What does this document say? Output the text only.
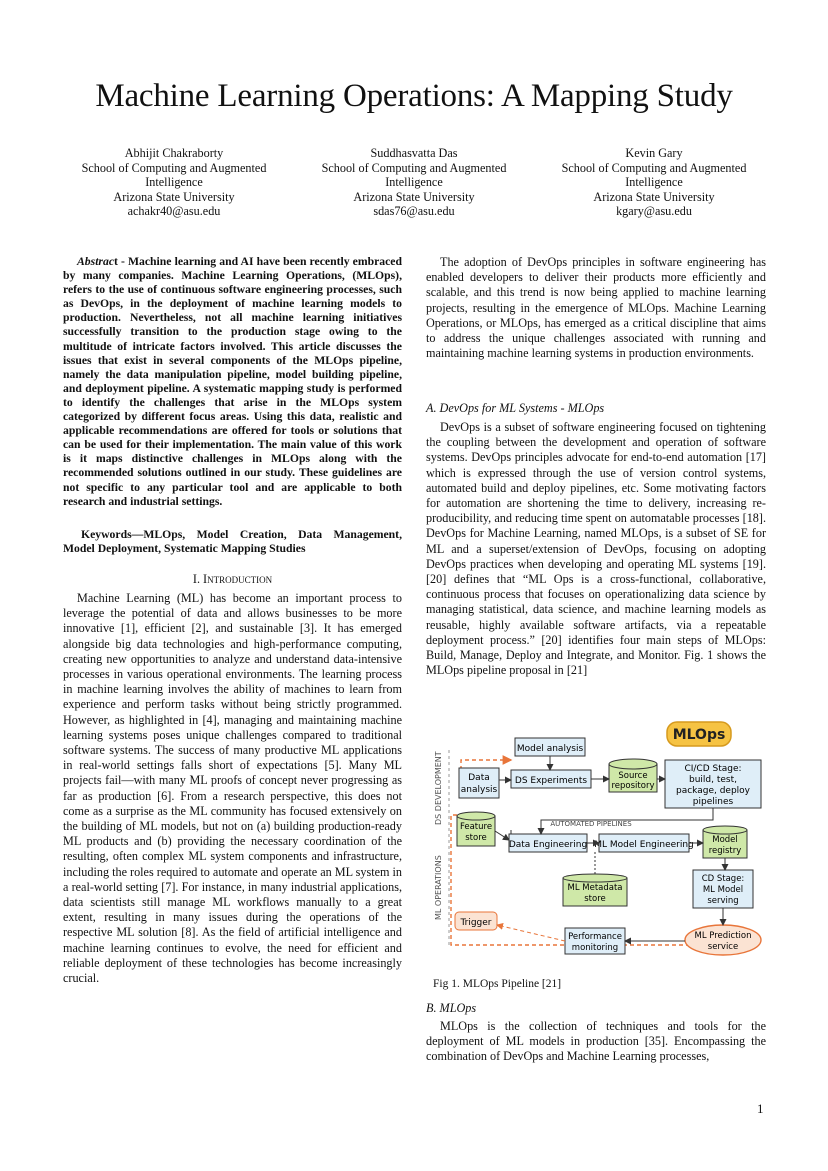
Machine Learning Operations: A Mapping Study
Abhijit Chakraborty
School of Computing and Augmented
Intelligence
Arizona State University
achakr40@asu.edu
Suddhasvatta Das
School of Computing and Augmented
Intelligence
Arizona State University
sdas76@asu.edu
Kevin Gary
School of Computing and Augmented
Intelligence
Arizona State University
kgary@asu.edu
Abstract - Machine learning and AI have been recently embraced by many companies. Machine Learning Operations, (MLOps), refers to the use of continuous software engineering processes, such as DevOps, in the deployment of machine learning models to production. Nevertheless, not all machine learning initiatives successfully transition to the production stage owing to the multitude of intricate factors involved. This article discusses the issues that exist in several components of the MLOps pipeline, namely the data manipulation pipeline, model building pipeline, and deployment pipeline. A systematic mapping study is performed to identify the challenges that arise in the MLOps system categorized by different focus areas. Using this data, realistic and applicable recommendations are offered for tools or solutions that can be used for their implementation. The main value of this work is it maps distinctive challenges in MLOps along with the recommended solutions outlined in our study. These guidelines are not specific to any particular tool and are applicable to both research and industrial settings.
Keywords—MLOps, Model Creation, Data Management, Model Deployment, Systematic Mapping Studies
I. Introduction

Machine Learning (ML) has become an important process to leverage the potential of data and allows businesses to be more innovative [1], efficient [2], and sustainable [3]. It has emerged alongside big data technologies and high-performance computing, creating new opportunities to analyze and understand data-intensive processes in various operational environments. The learning process in machine learning involves the ability of machines to learn from experience and perform tasks without being strictly programmed. However, as highlighted in [4], managing and maintaining machine learning systems poses unique challenges compared to traditional software systems. The success of many productive ML applications in real-world settings falls short of expectations [5]. Many ML projects fail—with many ML proofs of concept never progressing as far as production [6]. From a research perspective, this does not come as a surprise as the ML community has focused extensively on the building of ML models, but not on (a) building production-ready ML products and (b) providing the necessary coordination of the resulting, often complex ML system components and infrastructure, including the roles required to automate and operate an ML system in a real-world setting [7]. For instance, in many industrial applications, data scientists still manage ML workflows manually to a great extent, resulting in many issues during the operations of the respective ML solution [8]. As the field of artificial intelligence and machine learning continues to evolve, the need for efficient and reliable deployment of these technologies has become increasingly crucial.

The adoption of DevOps principles in software engineering has enabled developers to deliver their products more efficiently and scalable, and this trend is now being applied to machine learning projects, resulting in the emergence of MLOps. Machine Learning Operations, or MLOps, has emerged as a critical discipline that aims to address the unique challenges associated with running and maintaining machine learning systems in production environments.

A. DevOps for ML Systems - MLOps

DevOps is a subset of software engineering focused on tightening the coupling between the development and operation of software systems. DevOps principles advocate for end-to-end automation [17] which is expressed through the use of version control systems, automated build and deploy pipelines, etc. Some motivating factors for automation are shortening the time to delivery, increasing re-producibility, and reducing time spent on automatable processes [18]. DevOps for Machine Learning, named MLOps, is a subset of SE for ML and a superset/extension of DevOps, focusing on adopting DevOps practices when developing and operating ML systems [19]. [20] defines that “ML Ops is a cross-functional, collaborative, continuous process that focuses on operationalizing data science by managing statistical, data science, and machine learning models as reusable, highly available software artifacts, via a repeatable deployment process.” [20] identifies four main steps of MLOps: Build, Manage, Deploy and Integrate, and Monitor. Fig. 1 shows the MLOps pipeline proposal in [21]

MLOps
DS DEVELOPMENT
ML OPERATIONS
Model analysis
Data
analysis
DS Experiments	Source
repository
CI/CD Stage:
build, test,
package, deploy
pipelines
Feature
store
AUTOMATED PIPELINES
Data Engineering ML Model Engineering Model
registry
CD Stage:
ML Model
serving
ML Metadata
store
Trigger
Performance
monitoring
ML Prediction
service
Fig 1. MLOps Pipeline [21]
B. MLOps

MLOps is the collection of techniques and tools for the deployment of ML models in production [35]. Encompassing the combination of DevOps and Machine Learning processes,

1
